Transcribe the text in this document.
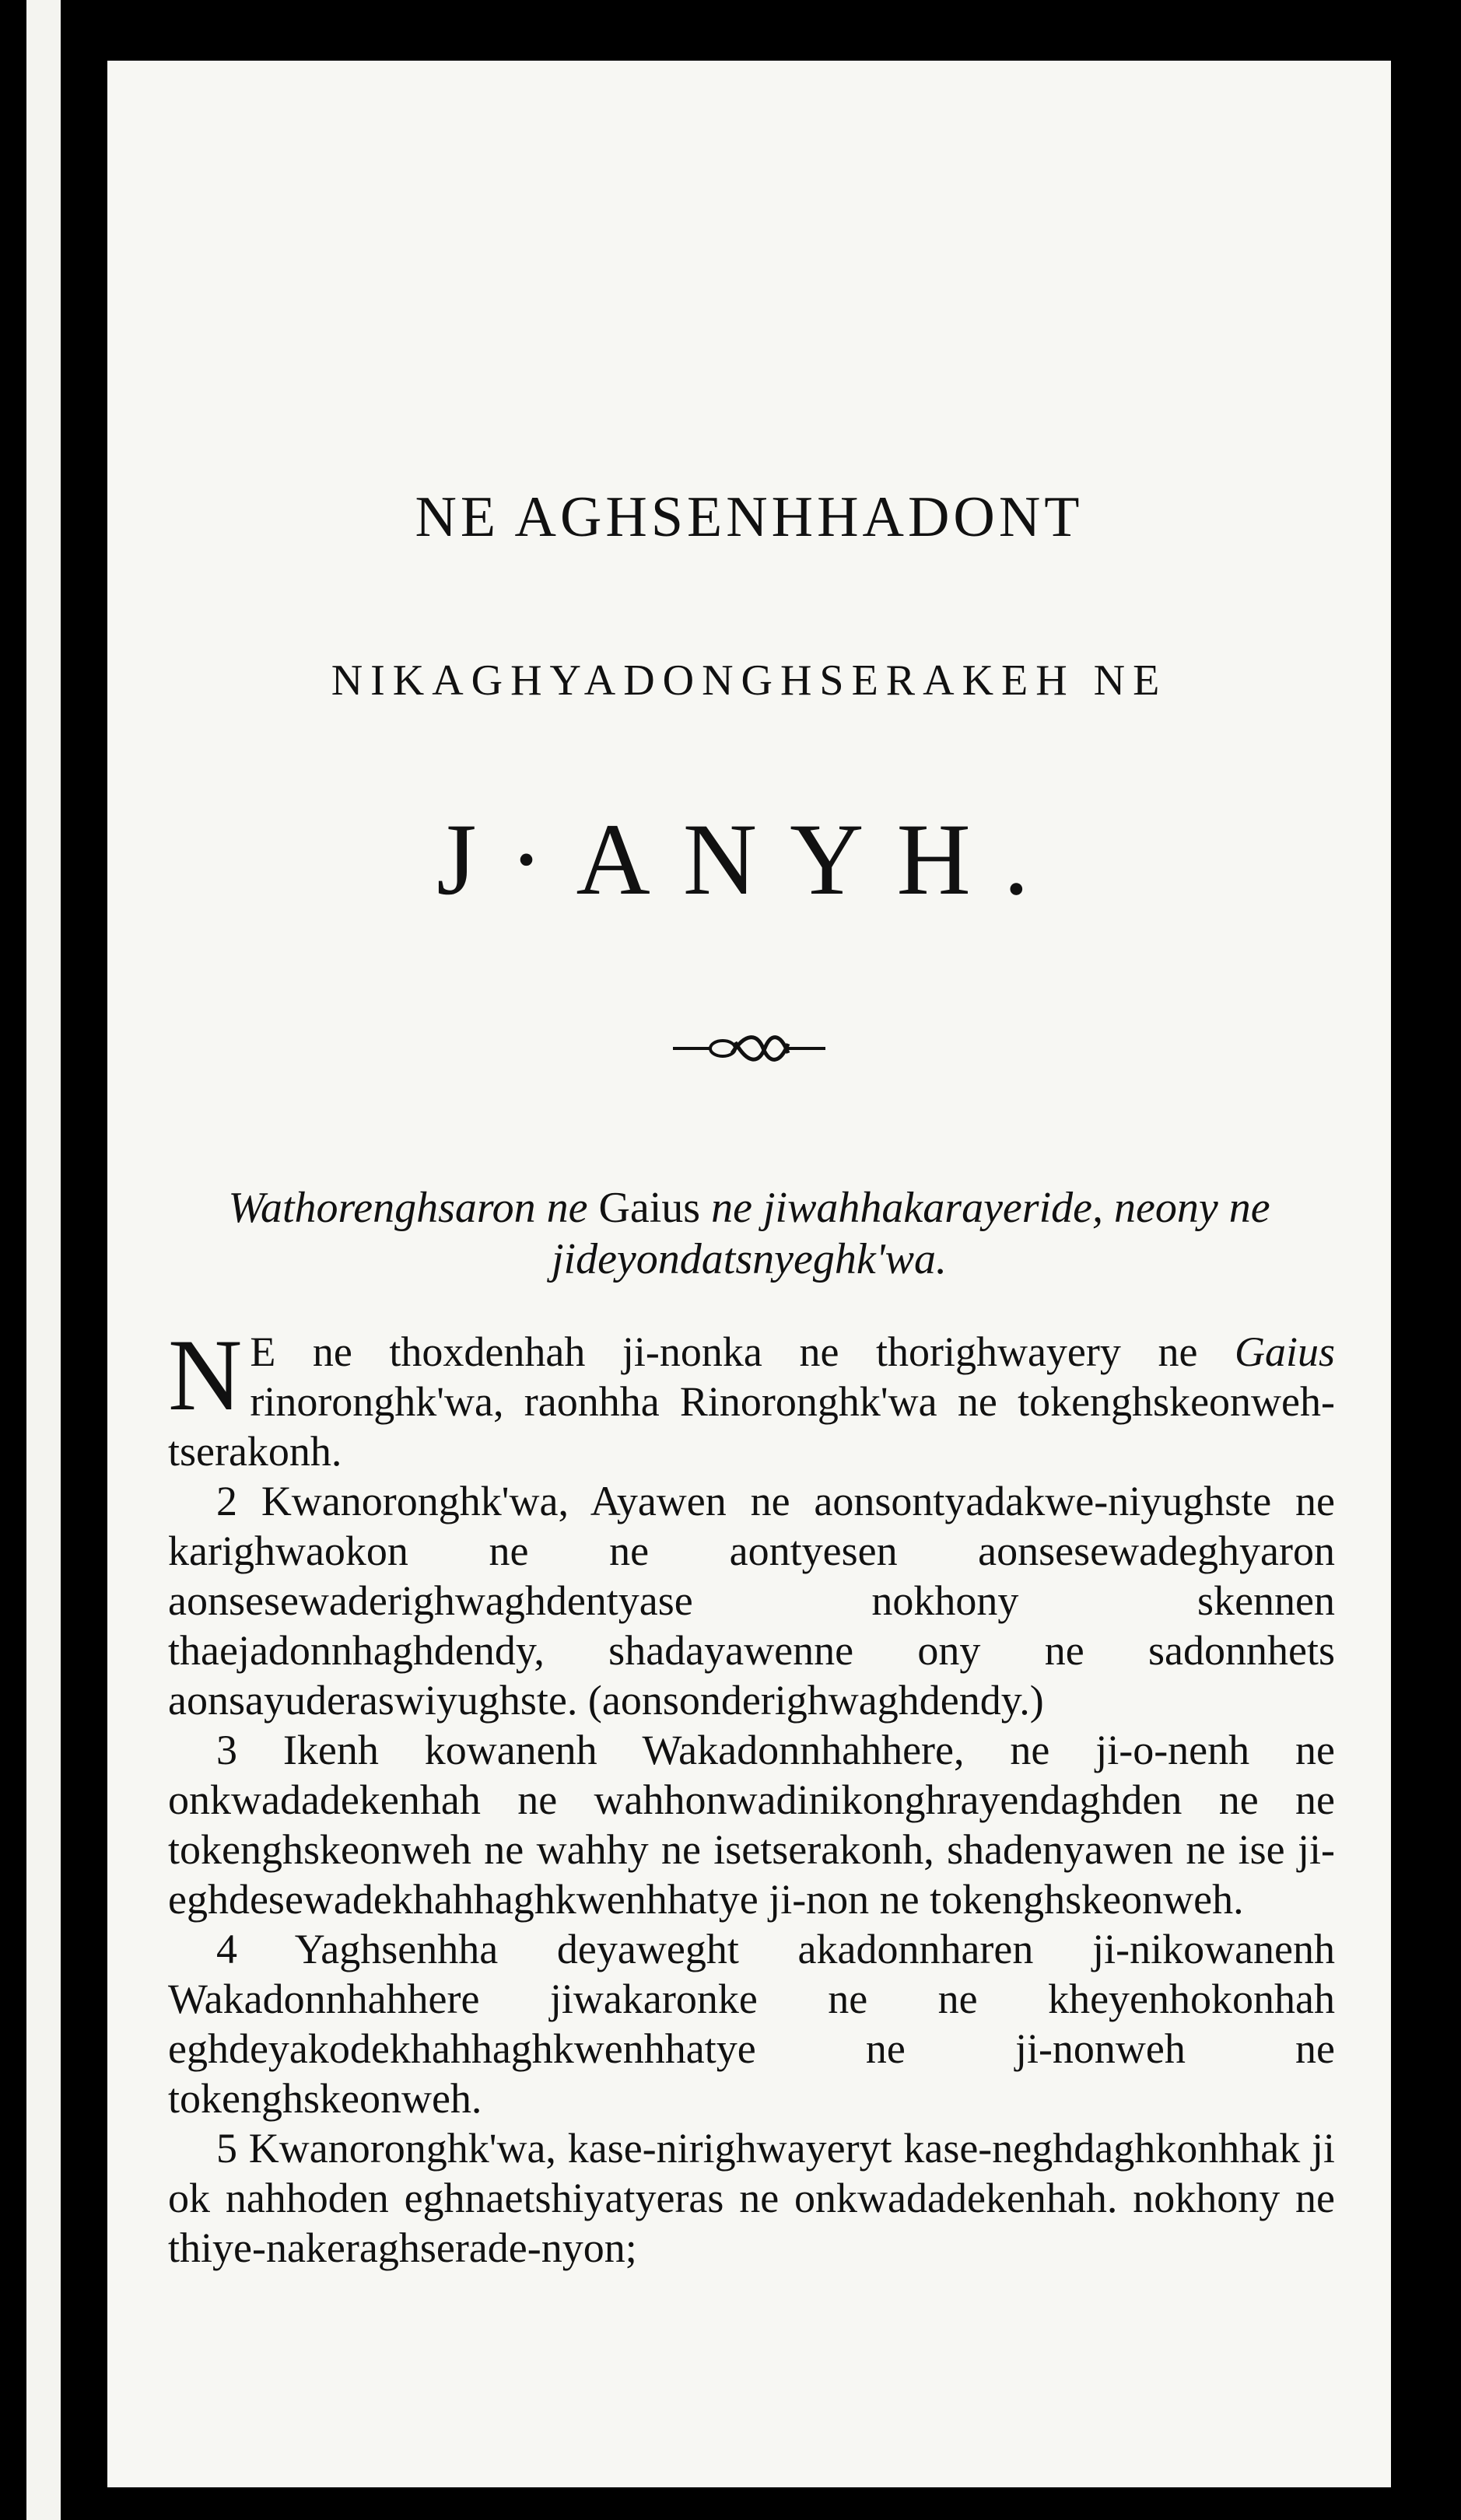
NE AGHSENHHADONT
NIKAGHYADONGHSERAKEH NE
J·ANYH.
Wathorenghsaron ne Gaius ne jiwahhakarayeride, neony ne jideyondatsnyeghk'wa.

N E ne thoxdenhah ji-nonka ne thorighwayery ne Gaius rinoronghk'wa, raonhha Rinoronghk'wa ne tokenghskeonweh-tserakonh.

2 Kwanoronghk'wa, Ayawen ne aonsontyadakwe-niyughste ne karighwaokon ne ne aontyesen aonsesewadeghyaron aonsesewaderighwaghdentyase nokhony skennen thaejadonnhaghdendy, shadayawenne ony ne sadonnhets aonsayuderaswiyughste. (aonsonderighwaghdendy.)

3 Ikenh kowanenh Wakadonnhahhere, ne ji-o-nenh ne onkwadadekenhah ne wahhonwadinikonghrayendaghden ne ne tokenghskeonweh ne wahhy ne isetserakonh, shadenyawen ne ise ji-eghdesewadekhahhaghkwenhhatye ji-non ne tokenghskeonweh.

4 Yaghsenhha deyaweght akadonnharen ji-nikowanenh Wakadonnhahhere jiwakaronke ne ne kheyenhokonhah eghdeyakodekhahhaghkwenhhatye ne ji-nonweh ne tokenghskeonweh.

5 Kwanoronghk'wa, kase-nirighwayeryt kase-neghdaghkonhhak ji ok nahhoden eghnaetshiyatyeras ne onkwadadekenhah. nokhony ne thiye-nakeraghserade-nyon;
